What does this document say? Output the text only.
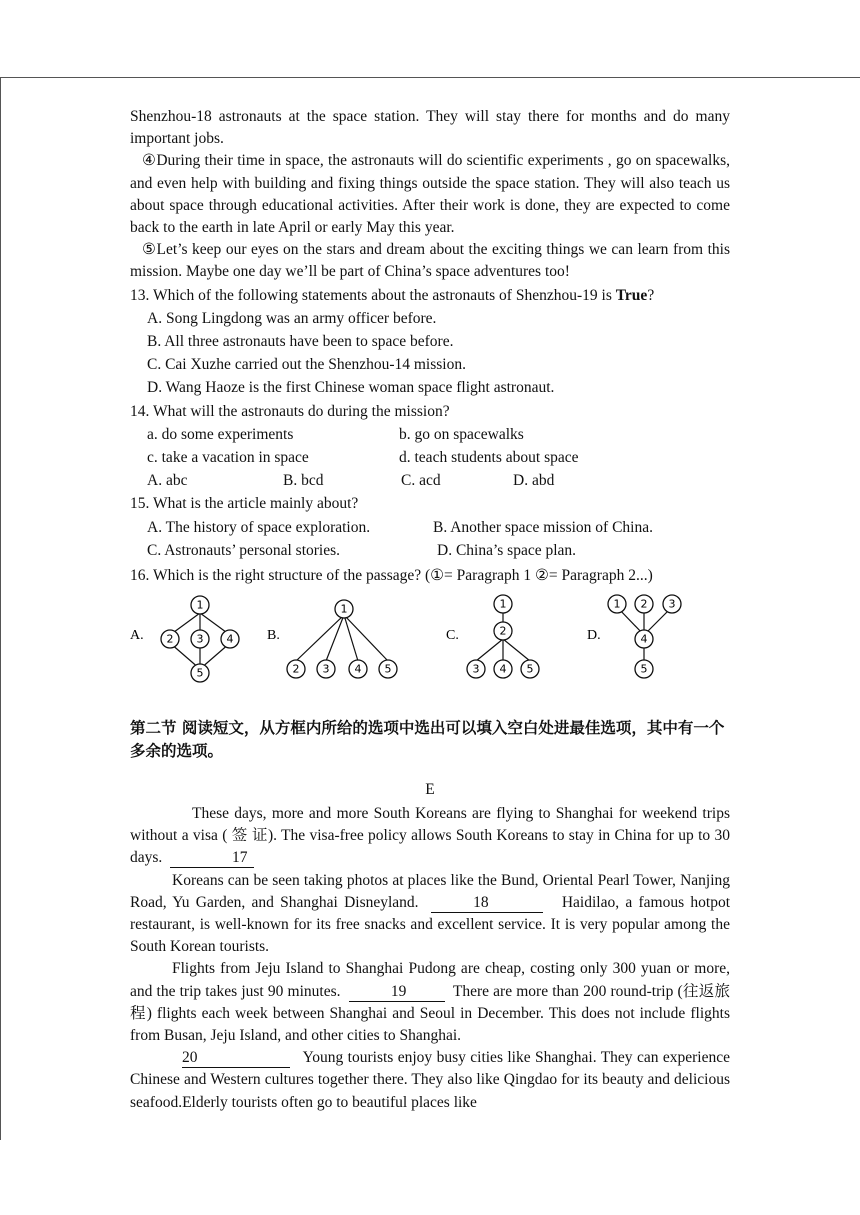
Shenzhou-18 astronauts at the space station. They will stay there for months and do many important jobs.

④During their time in space, the astronauts will do scientific experiments , go on spacewalks, and even help with building and fixing things outside the space station. They will also teach us about space through educational activities. After their work is done, they are expected to come back to the earth in late April or early May this year.

⑤Let’s keep our eyes on the stars and dream about the exciting things we can learn from this mission. Maybe one day we’ll be part of China’s space adventures too!

13. Which of the following statements about the astronauts of Shenzhou-19 is True?

A. Song Lingdong was an army officer before.

B. All three astronauts have been to space before.

C. Cai Xuzhe carried out the Shenzhou-14 mission.

D. Wang Haoze is the first Chinese woman space flight astronaut.

14. What will the astronauts do during the mission?

a. do some experiments	b. go on spacewalks
c. take a vacation in space	d. teach students about space
A. abc	B. bcd	C. acd	D. abd

15. What is the article mainly about?

A. The history of space exploration.	B. Another space mission of China.
C. Astronauts’ personal stories.	D. China’s space plan.

16. Which is the right structure of the passage? (①= Paragraph 1 ②= Paragraph 2...)

A.
1
2 3 4
5
B.
1
2 3 4 5
C.
1
2
3 4 5
D.
1 2 3
4
5

第二节 阅读短文，从方框内所给的选项中选出可以填入空白处进最佳选项，其中有一个多余的选项。

E

These days, more and more South Koreans are flying to Shanghai for weekend trips without a visa ( 签 证). The visa-free policy allows South Koreans to stay in China for up to 30 days.	17

Koreans can be seen taking photos at places like the Bund, Oriental Pearl Tower, Nanjing Road, Yu Garden, and Shanghai Disneyland.	18	Haidilao, a famous hotpot restaurant, is well-known for its free snacks and excellent service. It is very popular among the South Korean tourists.

Flights from Jeju Island to Shanghai Pudong are cheap, costing only 300 yuan or more, and the trip takes just 90 minutes.	19	There are more than 200 round-trip (往返旅程) flights each week between Shanghai and Seoul in December. This does not include flights from Busan, Jeju Island, and other cities to Shanghai.

20	Young tourists enjoy busy cities like Shanghai. They can experience Chinese and Western cultures together there. They also like Qingdao for its beauty and delicious seafood.Elderly tourists often go to beautiful places like
